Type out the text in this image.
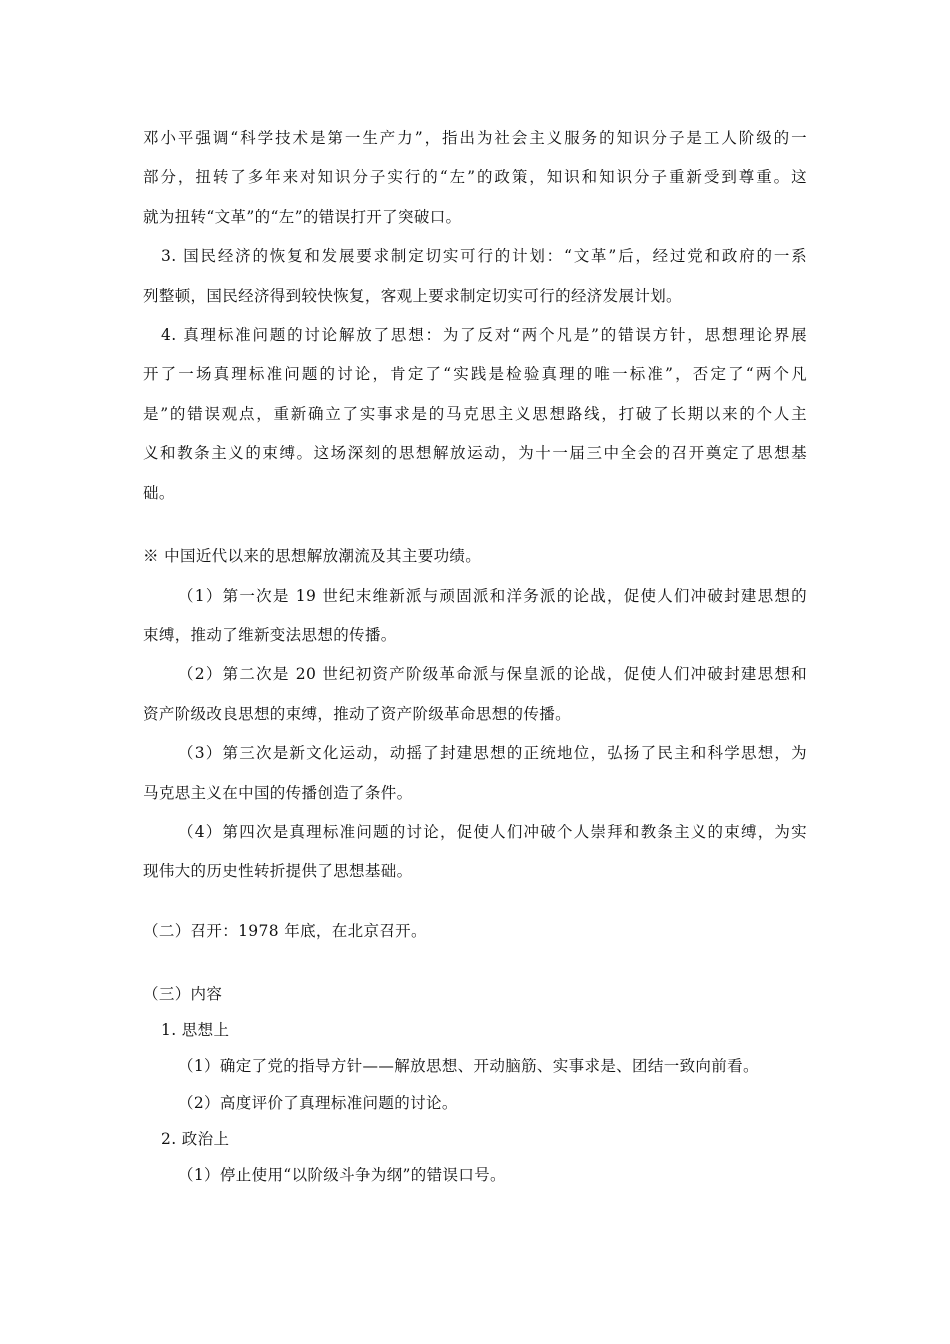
邓小平强调“科学技术是第一生产力”，指出为社会主义服务的知识分子是工人阶级的一
部分，扭转了多年来对知识分子实行的“左”的政策，知识和知识分子重新受到尊重。这
就为扭转“文革”的“左”的错误打开了突破口。
3. 国民经济的恢复和发展要求制定切实可行的计划：“文革”后，经过党和政府的一系
列整顿，国民经济得到较快恢复，客观上要求制定切实可行的经济发展计划。
4. 真理标准问题的讨论解放了思想：为了反对“两个凡是”的错误方针，思想理论界展
开了一场真理标准问题的讨论，肯定了“实践是检验真理的唯一标准”，否定了“两个凡
是”的错误观点，重新确立了实事求是的马克思主义思想路线，打破了长期以来的个人主
义和教条主义的束缚。这场深刻的思想解放运动，为十一届三中全会的召开奠定了思想基
础。
※ 中国近代以来的思想解放潮流及其主要功绩。
（1）第一次是 19 世纪末维新派与顽固派和洋务派的论战，促使人们冲破封建思想的
束缚，推动了维新变法思想的传播。
（2）第二次是 20 世纪初资产阶级革命派与保皇派的论战，促使人们冲破封建思想和
资产阶级改良思想的束缚，推动了资产阶级革命思想的传播。
（3）第三次是新文化运动，动摇了封建思想的正统地位，弘扬了民主和科学思想，为
马克思主义在中国的传播创造了条件。
（4）第四次是真理标准问题的讨论，促使人们冲破个人崇拜和教条主义的束缚，为实
现伟大的历史性转折提供了思想基础。
（二）召开：1978 年底，在北京召开。
（三）内容
1. 思想上
（1）确定了党的指导方针——解放思想、开动脑筋、实事求是、团结一致向前看。
（2）高度评价了真理标准问题的讨论。
2. 政治上
（1）停止使用“以阶级斗争为纲”的错误口号。
